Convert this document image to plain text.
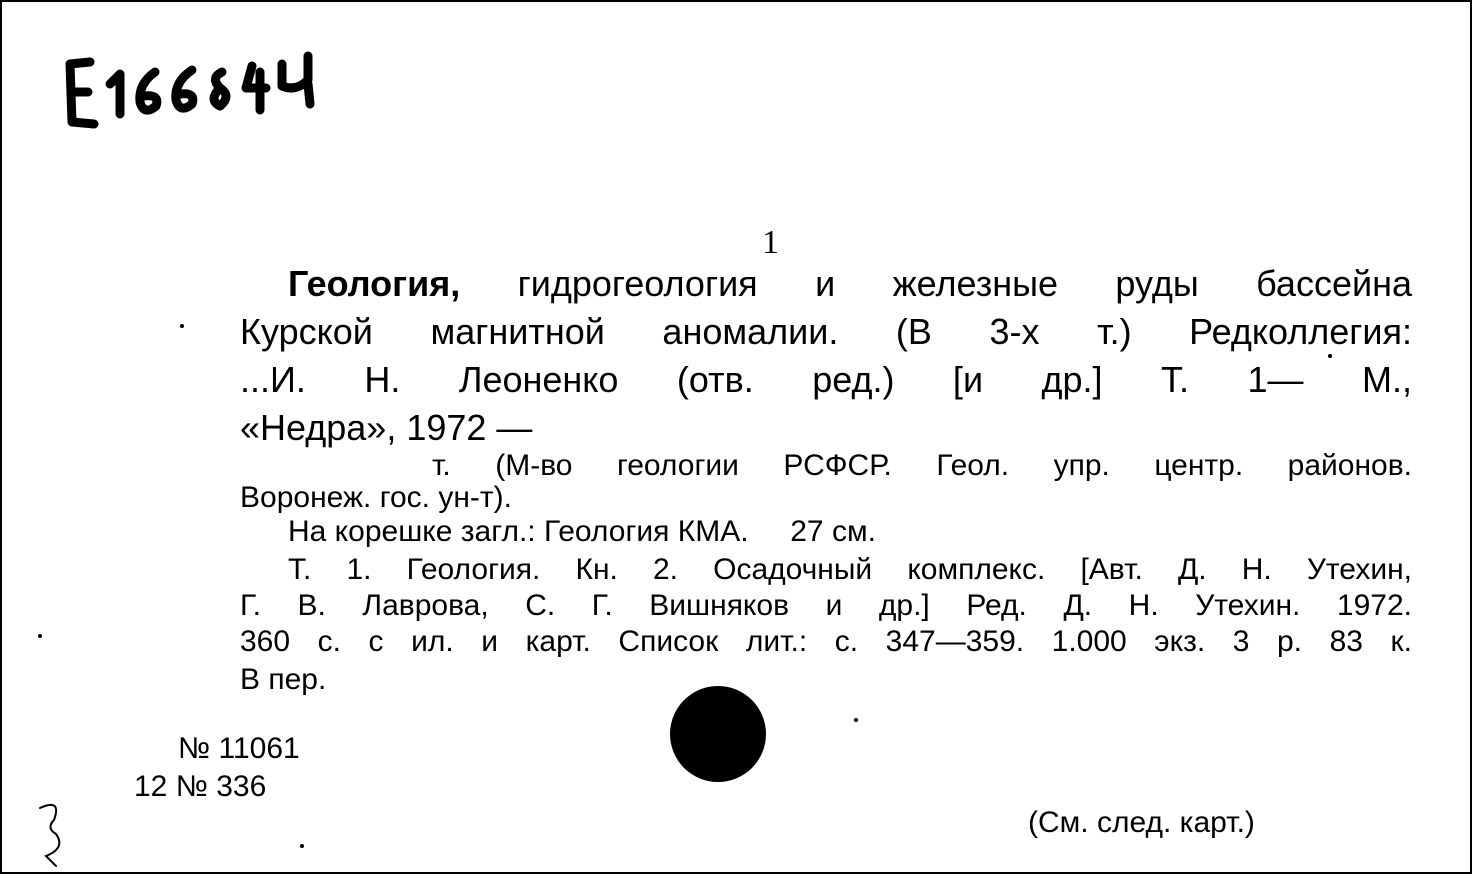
1
Геология, гидрогеология и железные руды бассейна
Курской магнитной аномалии. (В 3-х т.) Редколлегия:
...И. Н. Леоненко (отв. ред.) [и др.] Т. 1— М.,
«Недра», 1972 —
т. (М-во геологии РСФСР. Геол. упр. центр. районов.
Воронеж. гос. ун-т).
На корешке загл.: Геология КМА. 27 см.
Т. 1. Геология. Кн. 2. Осадочный комплекс. [Авт. Д. Н. Утехин,
Г. В. Лаврова, С. Г. Вишняков и др.] Ред. Д. Н. Утехин. 1972.
360 с. с ил. и карт. Список лит.: с. 347—359. 1.000 экз. 3 р. 83 к.
В пер.
№ 11061
12 № 336
(См. след. карт.)
